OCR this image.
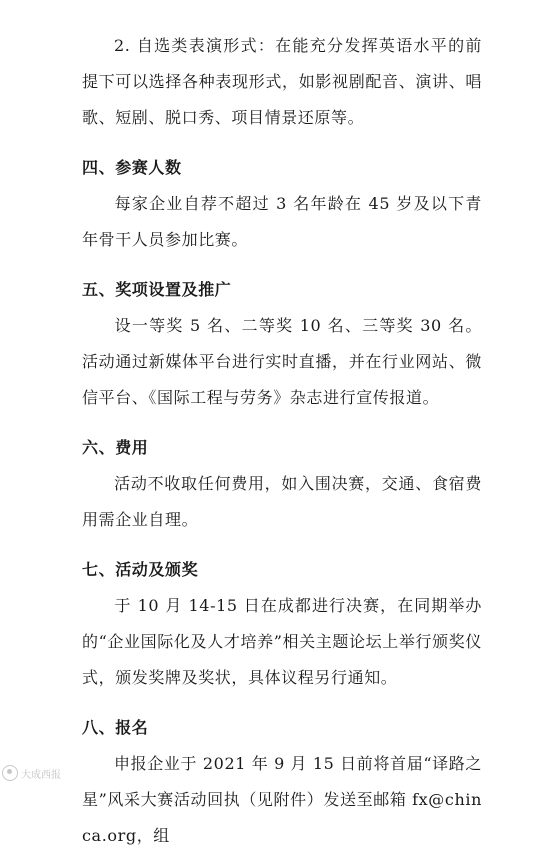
2. 自选类表演形式：在能充分发挥英语水平的前提下可以选择各种表现形式，如影视剧配音、演讲、唱歌、短剧、脱口秀、项目情景还原等。

四、参赛人数

每家企业自荐不超过 3 名年龄在 45 岁及以下青年骨干人员参加比赛。

五、奖项设置及推广

设一等奖 5 名、二等奖 10 名、三等奖 30 名。活动通过新媒体平台进行实时直播，并在行业网站、微信平台、《国际工程与劳务》杂志进行宣传报道。

六、费用

活动不收取任何费用，如入围决赛，交通、食宿费用需企业自理。

七、活动及颁奖

于 10 月 14-15 日在成都进行决赛，在同期举办的“企业国际化及人才培养”相关主题论坛上举行颁奖仪式，颁发奖牌及奖状，具体议程另行通知。

八、报名

申报企业于 2021 年 9 月 15 日前将首届“译路之星”风采大赛活动回执（见附件）发送至邮箱 fx@chinca.org，组

大成西报
